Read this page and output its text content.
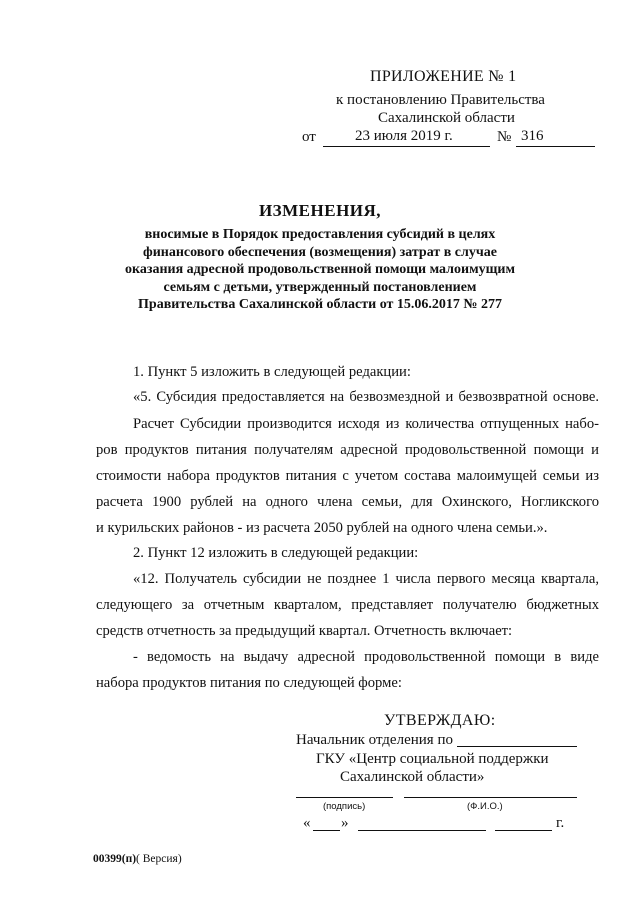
ПРИЛОЖЕНИЕ № 1
к постановлению Правительства
Сахалинской области
от	23 июля 2019 г.	№ 316
ИЗМЕНЕНИЯ,
вносимые в Порядок предоставления субсидий в целях
финансового обеспечения (возмещения) затрат в случае
оказания адресной продовольственной помощи малоимущим
семьям с детьми, утвержденный постановлением
Правительства Сахалинской области от 15.06.2017 № 277
1. Пункт 5 изложить в следующей редакции:
«5. Субсидия предоставляется на безвозмездной и безвозвратной основе.
Расчет Субсидии производится исходя из количества отпущенных набо-
ров продуктов питания получателям адресной продовольственной помощи и
стоимости набора продуктов питания с учетом состава малоимущей семьи из
расчета 1900 рублей на одного члена семьи, для Охинского, Ногликского
и курильских районов - из расчета 2050 рублей на одного члена семьи.».
2. Пункт 12 изложить в следующей редакции:
«12. Получатель субсидии не позднее 1 числа первого месяца квартала,
следующего за отчетным кварталом, представляет получателю бюджетных
средств отчетность за предыдущий квартал. Отчетность включает:
- ведомость на выдачу адресной продовольственной помощи в виде
набора продуктов питания по следующей форме:
УТВЕРЖДАЮ:
Начальник отделения по
ГКУ «Центр социальной поддержки
Сахалинской области»
(подпись)	(Ф.И.О.)
« »	г.
00399(п)( Версия)
